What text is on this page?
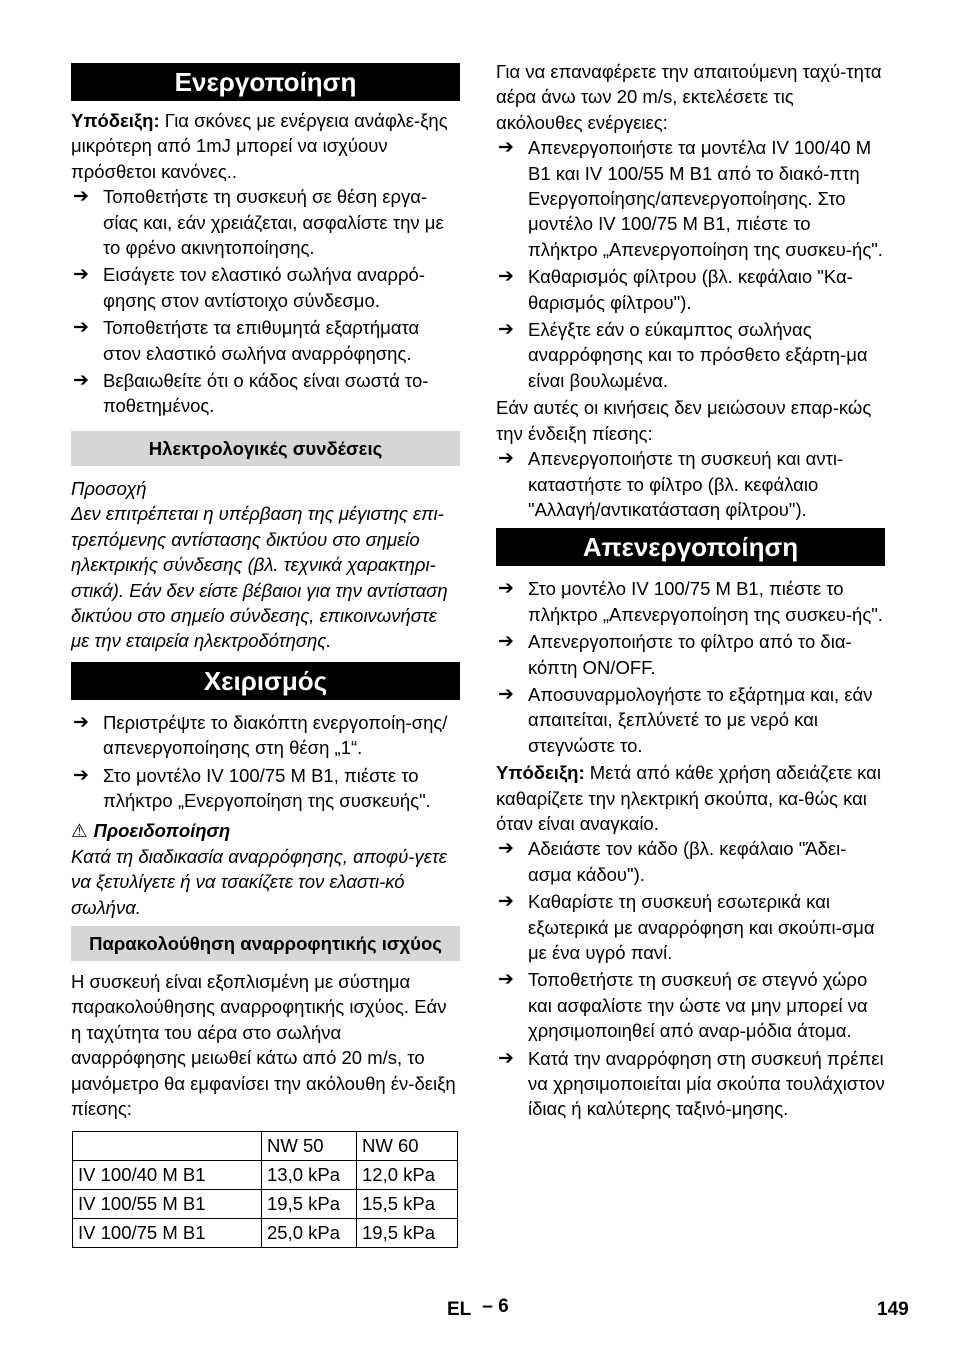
Ενεργοποίηση

Υπόδειξη: Για σκόνες με ενέργεια ανάφλε-ξης μικρότερη από 1mJ μπορεί να ισχύουν πρόσθετοι κανόνες..

➔ Τοποθετήστε τη συσκευή σε θέση εργα-σίας και, εάν χρειάζεται, ασφαλίστε την με το φρένο ακινητοποίησης.
➔ Εισάγετε τον ελαστικό σωλήνα αναρρό-φησης στον αντίστοιχο σύνδεσμο.
➔ Τοποθετήστε τα επιθυμητά εξαρτήματα στον ελαστικό σωλήνα αναρρόφησης.
➔ Βεβαιωθείτε ότι ο κάδος είναι σωστά το-ποθετημένος.
Ηλεκτρολογικές συνδέσεις

Προσοχή

Δεν επιτρέπεται η υπέρβαση της μέγιστης επι-τρεπόμενης αντίστασης δικτύου στο σημείο ηλεκτρικής σύνδεσης (βλ. τεχνικά χαρακτηρι-στικά). Εάν δεν είστε βέβαιοι για την αντίσταση δικτύου στο σημείο σύνδεσης, επικοινωνήστε με την εταιρεία ηλεκτροδότησης.

Χειρισμός
➔ Περιστρέψτε το διακόπτη ενεργοποίη-σης/απενεργοποίησης στη θέση „1“.
➔ Στο μοντέλο IV 100/75 M B1, πιέστε το πλήκτρο „Ενεργοποίηση της συσκευής".

⚠ Προειδοποίηση

Κατά τη διαδικασία αναρρόφησης, αποφύ-γετε να ξετυλίγετε ή να τσακίζετε τον ελαστι-κό σωλήνα.

Παρακολούθηση αναρροφητικής ισχύος

Η συσκευή είναι εξοπλισμένη με σύστημα παρακολούθησης αναρροφητικής ισχύος. Εάν η ταχύτητα του αέρα στο σωλήνα αναρρόφησης μειωθεί κάτω από 20 m/s, το μανόμετρο θα εμφανίσει την ακόλουθη έν-δειξη πίεσης:

	NW 50	NW 60
IV 100/40 M B1	13,0 kPa	12,0 kPa
IV 100/55 M B1	19,5 kPa	15,5 kPa
IV 100/75 M B1	25,0 kPa	19,5 kPa

Για να επαναφέρετε την απαιτούμενη ταχύ-τητα αέρα άνω των 20 m/s, εκτελέσετε τις ακόλουθες ενέργειες:

➔ Απενεργοποιήστε τα μοντέλα IV 100/40 M B1 και IV 100/55 M B1 από το διακό-πτη Ενεργοποίησης/απενεργοποίησης. Στο μοντέλο IV 100/75 M B1, πιέστε το πλήκτρο „Απενεργοποίηση της συσκευ-ής".
➔ Καθαρισμός φίλτρου (βλ. κεφάλαιο "Κα-θαρισμός φίλτρου").
➔ Ελέγξτε εάν ο εύκαμπτος σωλήνας αναρρόφησης και το πρόσθετο εξάρτη-μα είναι βουλωμένα.

Εάν αυτές οι κινήσεις δεν μειώσουν επαρ-κώς την ένδειξη πίεσης:

➔ Απενεργοποιήστε τη συσκευή και αντι-καταστήστε το φίλτρο (βλ. κεφάλαιο "Αλλαγή/αντικατάσταση φίλτρου").
Απενεργοποίηση
➔ Στο μοντέλο IV 100/75 M B1, πιέστε το πλήκτρο „Απενεργοποίηση της συσκευ-ής".
➔ Απενεργοποιήστε το φίλτρο από το δια-κόπτη ON/OFF.
➔ Αποσυναρμολογήστε το εξάρτημα και, εάν απαιτείται, ξεπλύνετέ το με νερό και στεγνώστε το.

Υπόδειξη: Μετά από κάθε χρήση αδειάζετε και καθαρίζετε την ηλεκτρική σκούπα, κα-θώς και όταν είναι αναγκαίο.

➔ Αδειάστε τον κάδο (βλ. κεφάλαιο "Άδει-ασμα κάδου").
➔ Καθαρίστε τη συσκευή εσωτερικά και εξωτερικά με αναρρόφηση και σκούπι-σμα με ένα υγρό πανί.
➔ Τοποθετήστε τη συσκευή σε στεγνό χώρο και ασφαλίστε την ώστε να μην μπορεί να χρησιμοποιηθεί από αναρ-μόδια άτομα.
➔ Κατά την αναρρόφηση στη συσκευή πρέπει να χρησιμοποιείται μία σκούπα τουλάχιστον ίδιας ή καλύτερης ταξινό-μησης.
EL – 6	149
